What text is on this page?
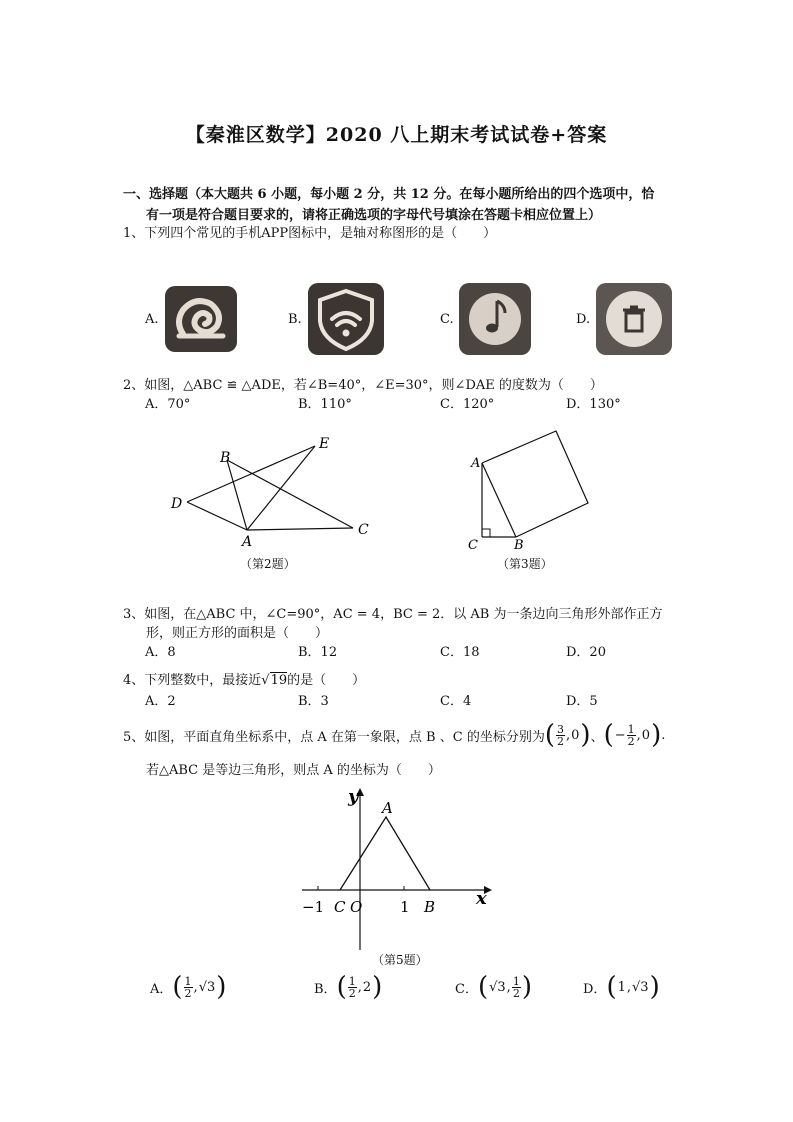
【秦淮区数学】2020 八上期末考试试卷+答案
一、选择题（本大题共 6 小题，每小题 2 分，共 12 分。在每小题所给出的四个选项中，恰
有一项是符合题目要求的，请将正确选项的字母代号填涂在答题卡相应位置上）
1、下列四个常见的手机APP图标中，是轴对称图形的是（　　）
A.	B.	C.	D.
2、如图，△ABC ≌ △ADE，若∠B=40°，∠E=30°，则∠DAE 的度数为（　　）
A．70°	B．110°	C．120°	D．130°
B
E
D
A
C
（第2题）
A
C	B
（第3题）
3、如图，在△ABC 中，∠C=90°，AC = 4，BC = 2．以 AB 为一条边向三角形外部作正方
形，则正方形的面积是（　　）
A．8	B．12	C．18	D．20
4、下列整数中，最接近√19的是（　　）
A．2	B．3	C．4	D．5
5、如图，平面直角坐标系中，点 A 在第一象限，点 B 、C 的坐标分别为 ( $\frac{3}{2}$ , 0 ) 、 ( − $\frac{1}{2}$ , 0 ) .
若△ABC 是等边三角形，则点 A 的坐标为（　　）
y
x
A
−1 C O	1 B
（第5题）
A． ( $\frac{1}{2}$ , √3 )	B． ( $\frac{1}{2}$ , 2 )	C． ( √3 , $\frac{1}{2}$ )	D． ( 1 , √3 )
